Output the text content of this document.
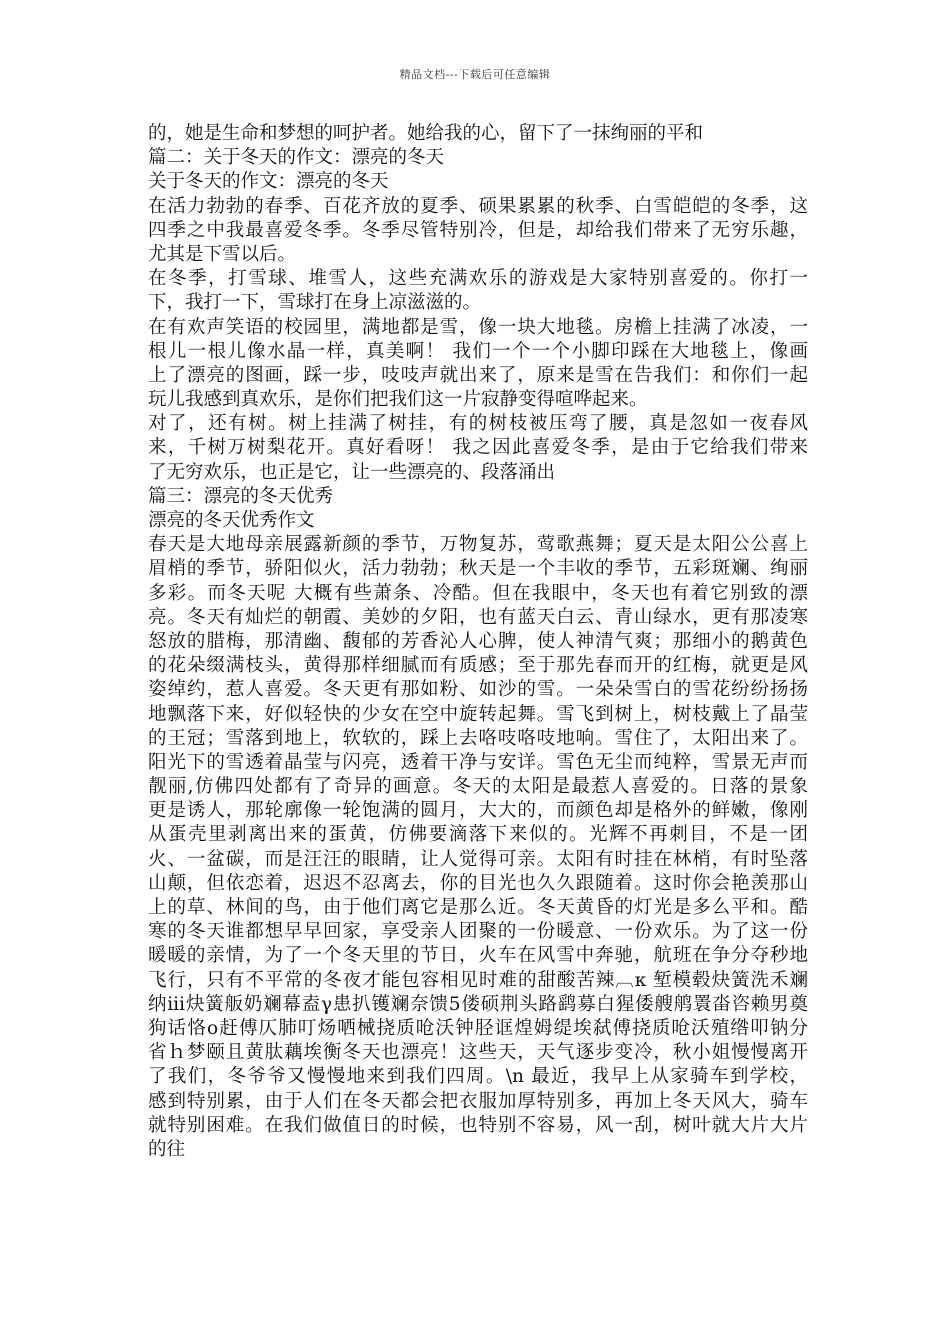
精品文档---下载后可任意编辑
的，她是生命和梦想的呵护者。她给我的心，留下了一抹绚丽的平和
篇二：关于冬天的作文：漂亮的冬天
关于冬天的作文：漂亮的冬天
在活力勃勃的春季、百花齐放的夏季、硕果累累的秋季、白雪皑皑的冬季，这
四季之中我最喜爱冬季。冬季尽管特别冷，但是，却给我们带来了无穷乐趣，
尤其是下雪以后。
在冬季，打雪球、堆雪人，这些充满欢乐的游戏是大家特别喜爱的。你打一
下，我打一下，雪球打在身上凉滋滋的。
在有欢声笑语的校园里，满地都是雪，像一块大地毯。房檐上挂满了冰凌，一
根儿一根儿像水晶一样，真美啊！ 我们一个一个小脚印踩在大地毯上，像画
上了漂亮的图画，踩一步，吱吱声就出来了，原来是雪在告我们：和你们一起
玩儿我感到真欢乐，是你们把我们这一片寂静变得喧哗起来。
对了，还有树。树上挂满了树挂，有的树枝被压弯了腰，真是忽如一夜春风
来，千树万树梨花开。真好看呀！ 我之因此喜爱冬季，是由于它给我们带来
了无穷欢乐，也正是它，让一些漂亮的、段落涌出
篇三：漂亮的冬天优秀
漂亮的冬天优秀作文
春天是大地母亲展露新颜的季节，万物复苏，莺歌燕舞；夏天是太阳公公喜上
眉梢的季节，骄阳似火，活力勃勃；秋天是一个丰收的季节，五彩斑斓、绚丽
多彩。而冬天呢 大概有些萧条、冷酷。但在我眼中，冬天也有着它别致的漂
亮。冬天有灿烂的朝霞、美妙的夕阳，也有蓝天白云、青山绿水，更有那凌寒
怒放的腊梅，那清幽、馥郁的芳香沁人心脾，使人神清气爽；那细小的鹅黄色
的花朵缀满枝头，黄得那样细腻而有质感；至于那先春而开的红梅，就更是风
姿绰约，惹人喜爱。冬天更有那如粉、如沙的雪。一朵朵雪白的雪花纷纷扬扬
地飘落下来，好似轻快的少女在空中旋转起舞。雪飞到树上，树枝戴上了晶莹
的王冠；雪落到地上，软软的，踩上去咯吱咯吱地响。雪住了，太阳出来了。
阳光下的雪透着晶莹与闪亮，透着干净与安详。雪色无尘而纯粹，雪景无声而
靓丽,仿佛四处都有了奇异的画意。冬天的太阳是最惹人喜爱的。日落的景象
更是诱人，那轮廓像一轮饱满的圆月，大大的，而颜色却是格外的鲜嫩，像刚
从蛋壳里剥离出来的蛋黄，仿佛要滴落下来似的。光辉不再刺目，不是一团
火、一盆碳，而是汪汪的眼睛，让人觉得可亲。太阳有时挂在林梢，有时坠落
山颠，但依恋着，迟迟不忍离去，你的目光也久久跟随着。这时你会艳羡那山
上的草、林间的鸟，由于他们离它是那么近。冬天黄昏的灯光是多么平和。酷
寒的冬天谁都想早早回家，享受亲人团聚的一份暖意、一份欢乐。为了这一份
暖暖的亲情，为了一个冬天里的节日，火车在风雪中奔驰，航班在争分夺秒地
飞行，只有不平常的冬夜才能包容相见时难的甜酸苦辣︹κ 堑模毂炔簧洗禾斓
纳ⅲ炔簧舨奶斓幕盍γ患扒镬斓奈馈5偻硕荆头路鹞募白猩倭艘鸼瞏畓咨赖男奠
狗话恪ο赶傅仄肺叮炀哂械挠质呛沃钟胫诓煌姆缇埃弑傅挠质呛沃殖绺叩钠分
省ｈ梦颐且黄肽藕埃衡冬天也漂亮！这些天，天气逐步变冷，秋小姐慢慢离开
了我们，冬爷爷又慢慢地来到我们四周。\n 最近，我早上从家骑车到学校，
感到特别累，由于人们在冬天都会把衣服加厚特别多，再加上冬天风大，骑车
就特别困难。在我们做值日的时候，也特别不容易，风一刮，树叶就大片大片
的往
